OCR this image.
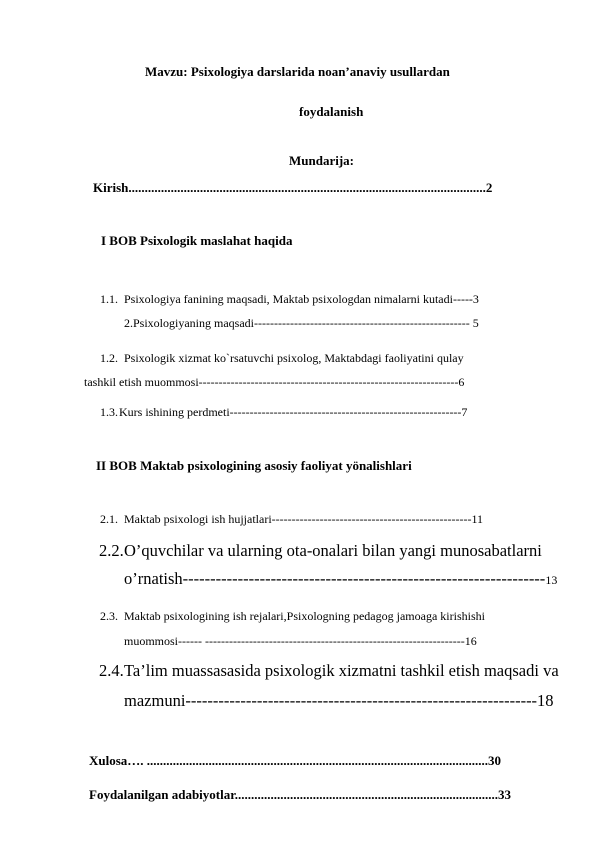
Mavzu: Psixologiya darslarida noan’anaviy usullardan
foydalanish
Mundarija:
Kirish..............................................................................................................2
I BOB Psixologik maslahat haqida
1.1. Psixologiya fanining maqsadi, Maktab psixologdan nimalarni kutadi-----3
2.Psixologiyaning maqsadi------------------------------------------------------ 5
1.2. Psixologik xizmat ko`rsatuvchi psixolog, Maktabdagi faoliyatini qulay
tashkil etish muommosi-----------------------------------------------------------------6
1.3. Kurs ishining perdmeti----------------------------------------------------------7
II BOB Maktab psixologining asosiy faoliyat yönalishlari
2.1. Maktab psixologi ish hujjatlari--------------------------------------------------11
2.2. O’quvchilar va ularning ota-onalari bilan yangi munosabatlarni
o’rnatish------------------------------------------------------------------13
2.3. Maktab psixologining ish rejalari,Psixologning pedagog jamoaga kirishishi
muommosi------ -----------------------------------------------------------------16
2.4. Ta’lim muassasasida psixologik xizmatni tashkil etish maqsadi va
mazmuni----------------------------------------------------------------18
Xulosa…. .........................................................................................................30
Foydalanilgan adabiyotlar.................................................................................33
